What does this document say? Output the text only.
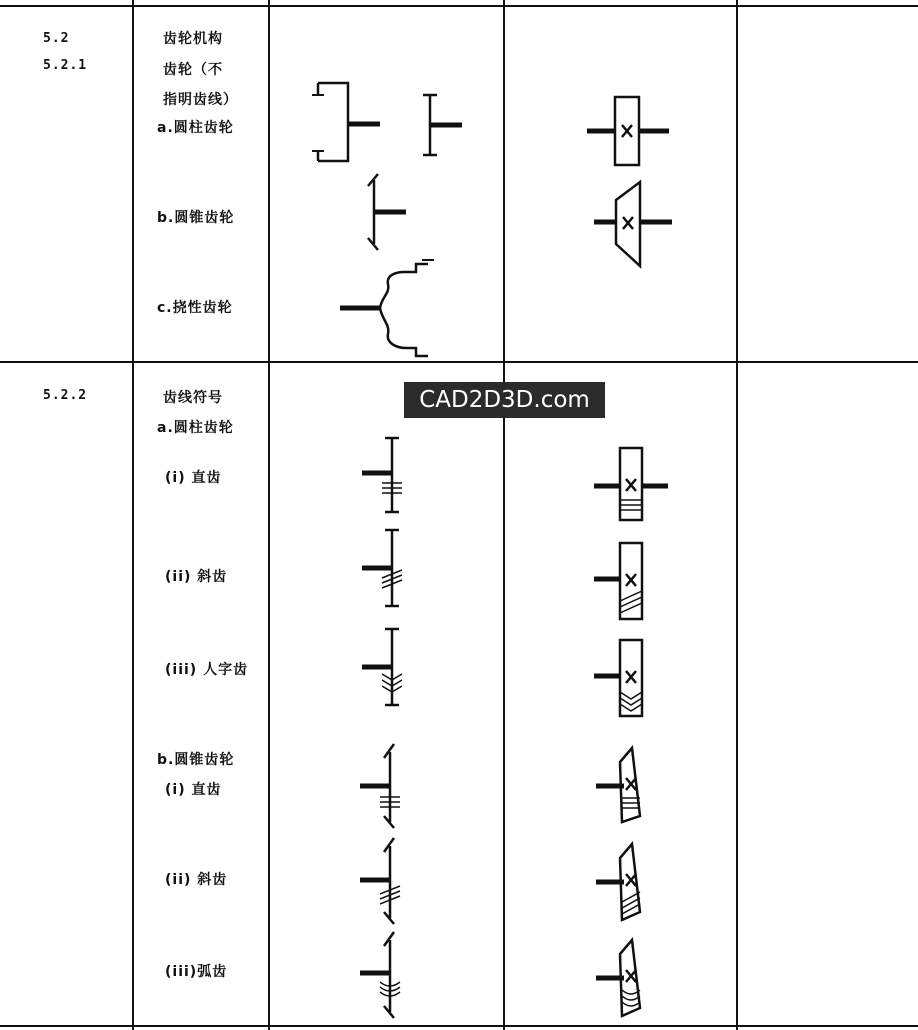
5.2
5.2.1
齿轮机构
齿轮（不
指明齿线）
a.圆柱齿轮
b.圆锥齿轮
c.挠性齿轮
5.2.2	齿线符号
a.圆柱齿轮
(i) 直齿
(ii) 斜齿
(iii) 人字齿
b.圆锥齿轮
(i) 直齿
(ii) 斜齿
(iii)弧齿
CAD2D3D.com
